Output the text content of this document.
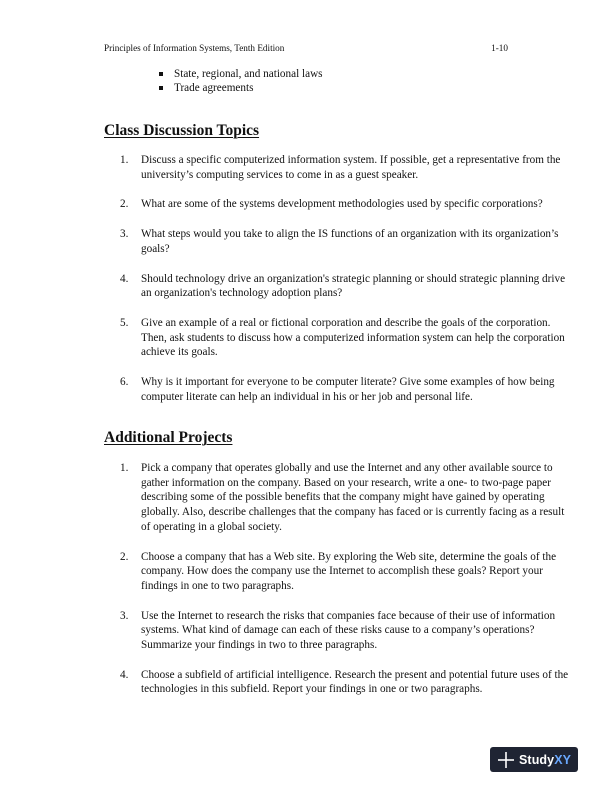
Principles of Information Systems, Tenth Edition	1-10
State, regional, and national laws
Trade agreements
Class Discussion Topics
1. Discuss a specific computerized information system. If possible, get a representative from the university’s computing services to come in as a guest speaker.
2. What are some of the systems development methodologies used by specific corporations?
3. What steps would you take to align the IS functions of an organization with its organization’s goals?
4. Should technology drive an organization's strategic planning or should strategic planning drive an organization's technology adoption plans?
5. Give an example of a real or fictional corporation and describe the goals of the corporation. Then, ask students to discuss how a computerized information system can help the corporation achieve its goals.
6. Why is it important for everyone to be computer literate? Give some examples of how being computer literate can help an individual in his or her job and personal life.
Additional Projects
1. Pick a company that operates globally and use the Internet and any other available source to gather information on the company. Based on your research, write a one- to two-page paper describing some of the possible benefits that the company might have gained by operating globally. Also, describe challenges that the company has faced or is currently facing as a result of operating in a global society.
2. Choose a company that has a Web site. By exploring the Web site, determine the goals of the company. How does the company use the Internet to accomplish these goals? Report your findings in one to two paragraphs.
3. Use the Internet to research the risks that companies face because of their use of information systems. What kind of damage can each of these risks cause to a company’s operations? Summarize your findings in two to three paragraphs.
4. Choose a subfield of artificial intelligence. Research the present and potential future uses of the technologies in this subfield. Report your findings in one or two paragraphs.
StudyXY
